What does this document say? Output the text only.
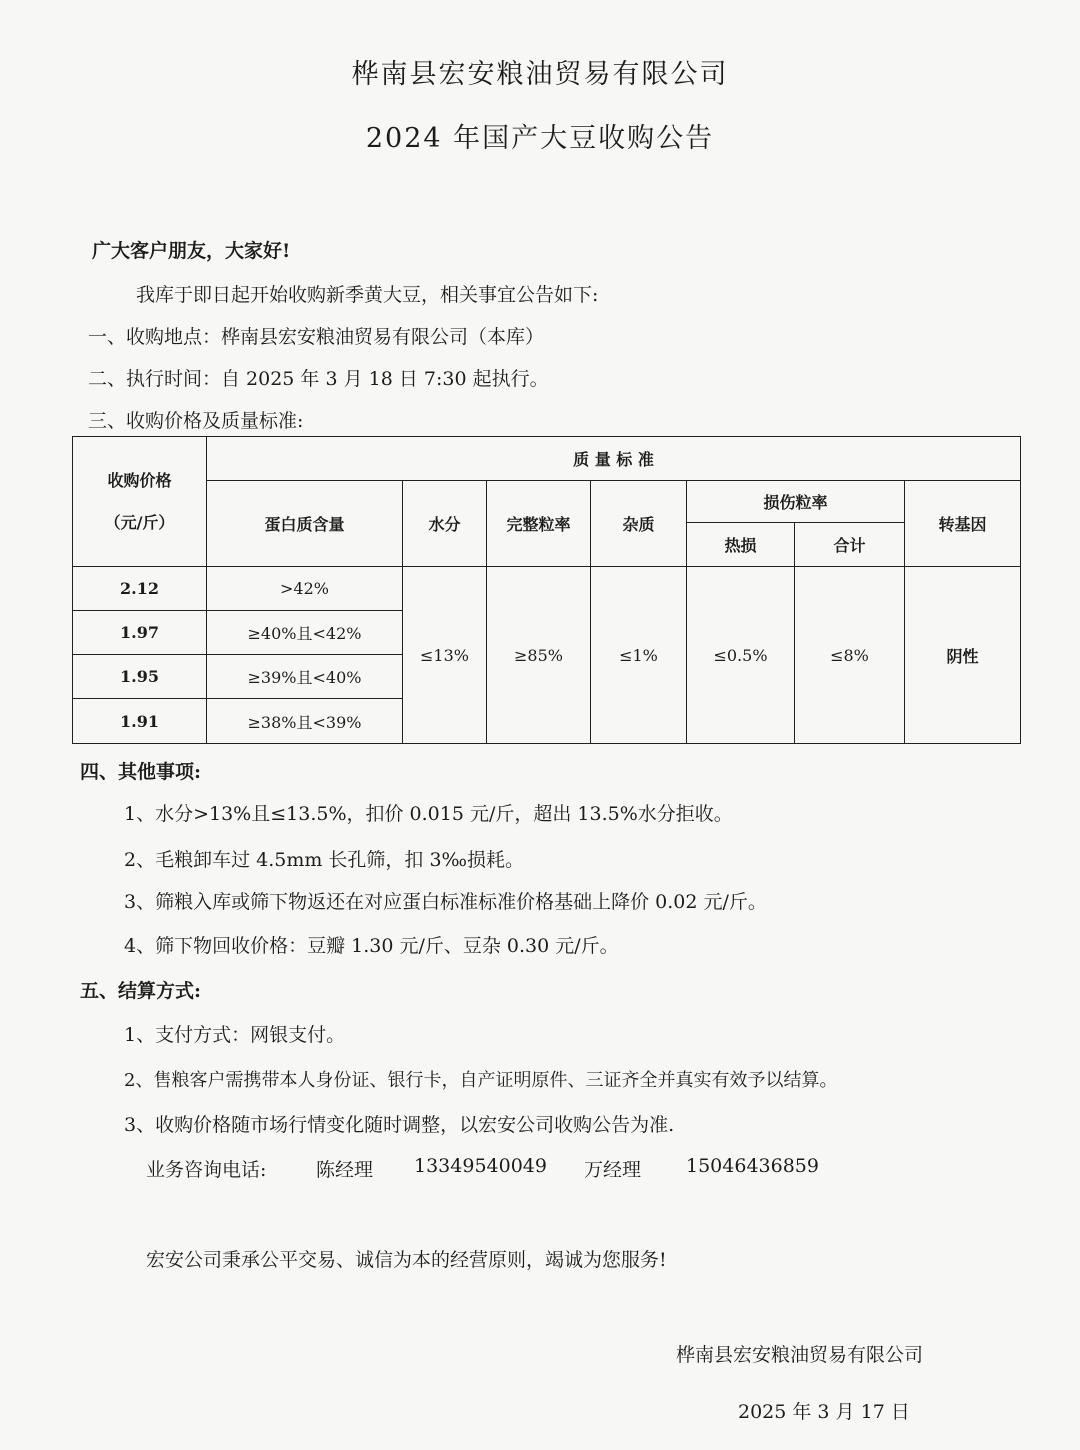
桦南县宏安粮油贸易有限公司
2024 年国产大豆收购公告
广大客户朋友，大家好!
我库于即日起开始收购新季黄大豆，相关事宜公告如下:
一、收购地点：桦南县宏安粮油贸易有限公司（本库）
二、执行时间：自 2025 年 3 月 18 日 7:30 起执行。
三、收购价格及质量标准:
收购价格
（元/斤）	质 量 标 准						
	蛋白质含量	水分	完整粒率	杂质	损伤粒率		转基因
					热损	合计	
2.12	>42%	≤13%	≥85%	≤1%	≤0.5%	≤8%	阴性
1.97	≥40%且<42%						
1.95	≥39%且<40%						
1.91	≥38%且<39%						
四、其他事项:
1、水分>13%且≤13.5%，扣价 0.015 元/斤，超出 13.5%水分拒收。
2、毛粮卸车过 4.5mm 长孔筛，扣 3‰损耗。
3、筛粮入库或筛下物返还在对应蛋白标准标准价格基础上降价 0.02 元/斤。
4、筛下物回收价格：豆瓣 1.30 元/斤、豆杂 0.30 元/斤。
五、结算方式:
1、支付方式：网银支付。
2、售粮客户需携带本人身份证、银行卡，自产证明原件、三证齐全并真实有效予以结算。
3、收购价格随市场行情变化随时调整，以宏安公司收购公告为准.
业务咨询电话:	陈经理 13349540049 万经理 15046436859
宏安公司秉承公平交易、诚信为本的经营原则，竭诚为您服务!
桦南县宏安粮油贸易有限公司
2025 年 3 月 17 日
